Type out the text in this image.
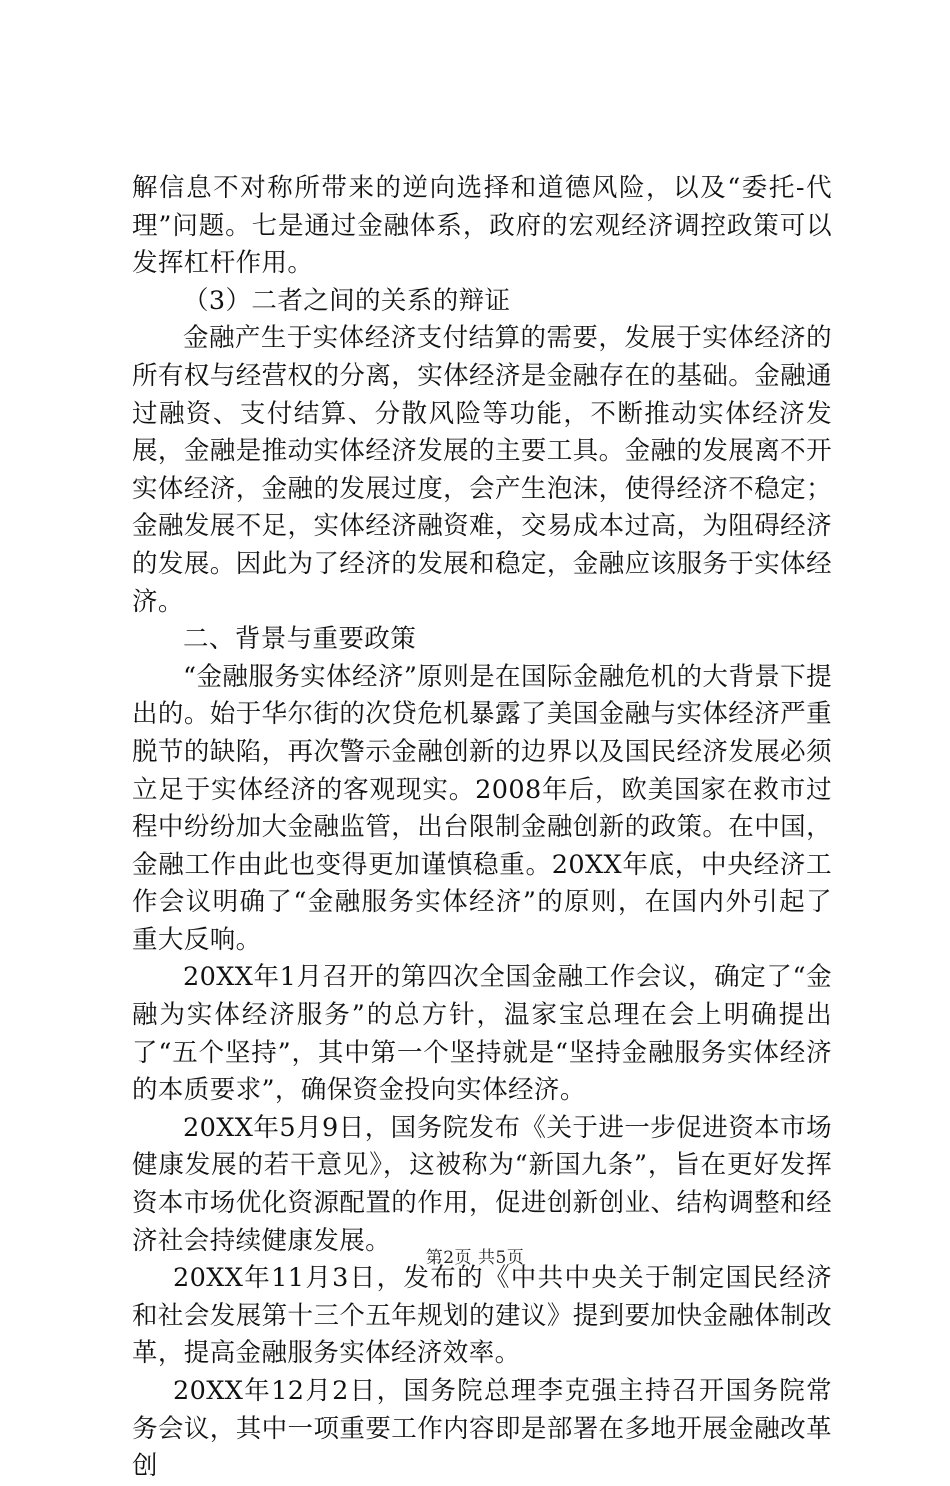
解信息不对称所带来的逆向选择和道德风险，以及“委托-代理”问题。七是通过金融体系，政府的宏观经济调控政策可以发挥杠杆作用。

（3）二者之间的关系的辩证

金融产生于实体经济支付结算的需要，发展于实体经济的所有权与经营权的分离，实体经济是金融存在的基础。金融通过融资、支付结算、分散风险等功能，不断推动实体经济发展，金融是推动实体经济发展的主要工具。金融的发展离不开实体经济，金融的发展过度，会产生泡沫，使得经济不稳定；金融发展不足，实体经济融资难，交易成本过高，为阻碍经济的发展。因此为了经济的发展和稳定，金融应该服务于实体经济。

二、背景与重要政策

“金融服务实体经济”原则是在国际金融危机的大背景下提出的。始于华尔街的次贷危机暴露了美国金融与实体经济严重脱节的缺陷，再次警示金融创新的边界以及国民经济发展必须立足于实体经济的客观现实。2008年后，欧美国家在救市过程中纷纷加大金融监管，出台限制金融创新的政策。在中国，金融工作由此也变得更加谨慎稳重。20XX年底，中央经济工作会议明确了“金融服务实体经济”的原则，在国内外引起了重大反响。

20XX年1月召开的第四次全国金融工作会议，确定了“金融为实体经济服务”的总方针，温家宝总理在会上明确提出了“五个坚持”，其中第一个坚持就是“坚持金融服务实体经济的本质要求”，确保资金投向实体经济。

20XX年5月9日，国务院发布《关于进一步促进资本市场健康发展的若干意见》，这被称为“新国九条”，旨在更好发挥资本市场优化资源配置的作用，促进创新创业、结构调整和经济社会持续健康发展。

20XX年11月3日，发布的《中共中央关于制定国民经济和社会发展第十三个五年规划的建议》提到要加快金融体制改革，提高金融服务实体经济效率。

20XX年12月2日，国务院总理李克强主持召开国务院常务会议，其中一项重要工作内容即是部署在多地开展金融改革创

第2页 共5页
